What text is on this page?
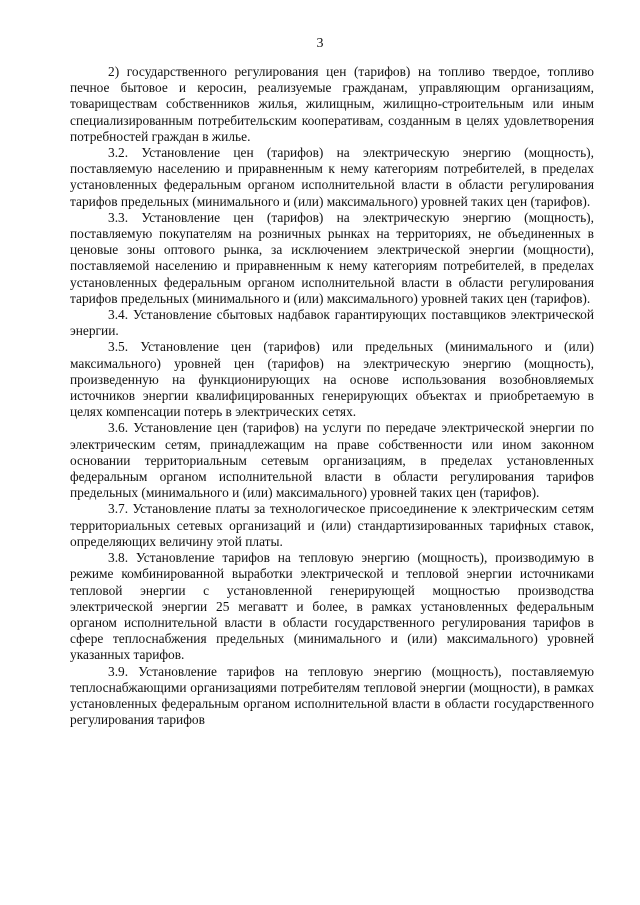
3

2) государственного регулирования цен (тарифов) на топливо твердое, топливо печное бытовое и керосин, реализуемые гражданам, управляющим организациям, товариществам собственников жилья, жилищным, жилищно-строительным или иным специализированным потребительским кооперативам, созданным в целях удовлетворения потребностей граждан в жилье.

3.2. Установление цен (тарифов) на электрическую энергию (мощность), поставляемую населению и приравненным к нему категориям потребителей, в пределах установленных федеральным органом исполнительной власти в области регулирования тарифов предельных (минимального и (или) максимального) уровней таких цен (тарифов).

3.3. Установление цен (тарифов) на электрическую энергию (мощность), поставляемую покупателям на розничных рынках на территориях, не объединенных в ценовые зоны оптового рынка, за исключением электрической энергии (мощности), поставляемой населению и приравненным к нему категориям потребителей, в пределах установленных федеральным органом исполнительной власти в области регулирования тарифов предельных (минимального и (или) максимального) уровней таких цен (тарифов).

3.4. Установление сбытовых надбавок гарантирующих поставщиков электрической энергии.

3.5. Установление цен (тарифов) или предельных (минимального и (или) максимального) уровней цен (тарифов) на электрическую энергию (мощность), произведенную на функционирующих на основе использования возобновляемых источников энергии квалифицированных генерирующих объектах и приобретаемую в целях компенсации потерь в электрических сетях.

3.6. Установление цен (тарифов) на услуги по передаче электрической энергии по электрическим сетям, принадлежащим на праве собственности или ином законном основании территориальным сетевым организациям, в пределах установленных федеральным органом исполнительной власти в области регулирования тарифов предельных (минимального и (или) максимального) уровней таких цен (тарифов).

3.7. Установление платы за технологическое присоединение к электрическим сетям территориальных сетевых организаций и (или) стандартизированных тарифных ставок, определяющих величину этой платы.

3.8. Установление тарифов на тепловую энергию (мощность), производимую в режиме комбинированной выработки электрической и тепловой энергии источниками тепловой энергии с установленной генерирующей мощностью производства электрической энергии 25 мегаватт и более, в рамках установленных федеральным органом исполнительной власти в области государственного регулирования тарифов в сфере теплоснабжения предельных (минимального и (или) максимального) уровней указанных тарифов.

3.9. Установление тарифов на тепловую энергию (мощность), поставляемую теплоснабжающими организациями потребителям тепловой энергии (мощности), в рамках установленных федеральным органом исполнительной власти в области государственного регулирования тарифов
